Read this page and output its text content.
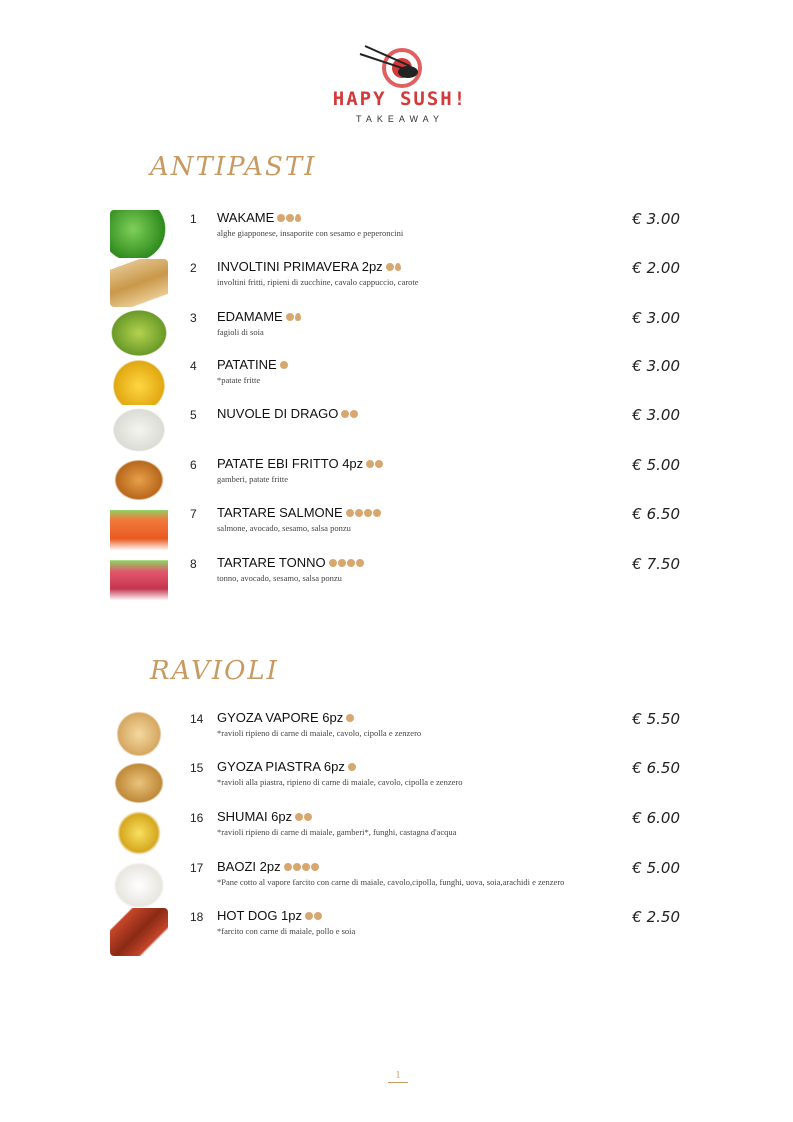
HAPY SUSH!
TAKEAWAY
ANTIPASTI
1 WAKAME
alghe giapponese, insaporite con sesamo e peperoncini
€ 3.00
2 INVOLTINI PRIMAVERA 2pz
involtini fritti, ripieni di zucchine, cavalo cappuccio, carote
€ 2.00
3 EDAMAME
fagioli di soia
€ 3.00
4 PATATINE
*patate fritte
€ 3.00
5 NUVOLE DI DRAGO	€ 3.00
6 PATATE EBI FRITTO 4pz
gamberi, patate fritte
€ 5.00
7 TARTARE SALMONE
salmone, avocado, sesamo, salsa ponzu
€ 6.50
8 TARTARE TONNO
tonno, avocado, sesamo, salsa ponzu
€ 7.50
RAVIOLI
14 GYOZA VAPORE 6pz
*ravioli ripieno di carne di maiale, cavolo, cipolla e zenzero
€ 5.50
15 GYOZA PIASTRA 6pz
*ravioli alla piastra, ripieno di carne di maiale, cavolo, cipolla e zenzero
€ 6.50
16 SHUMAI 6pz
*ravioli ripieno di carne di maiale, gamberi*, funghi, castagna d'acqua
€ 6.00
17 BAOZI 2pz
*Pane cotto al vapore farcito con carne di maiale, cavolo,cipolla, funghi, uova, soia,arachidi e zenzero
€ 5.00
18 HOT DOG 1pz
*farcito con carne di maiale, pollo e soia
€ 2.50
1
